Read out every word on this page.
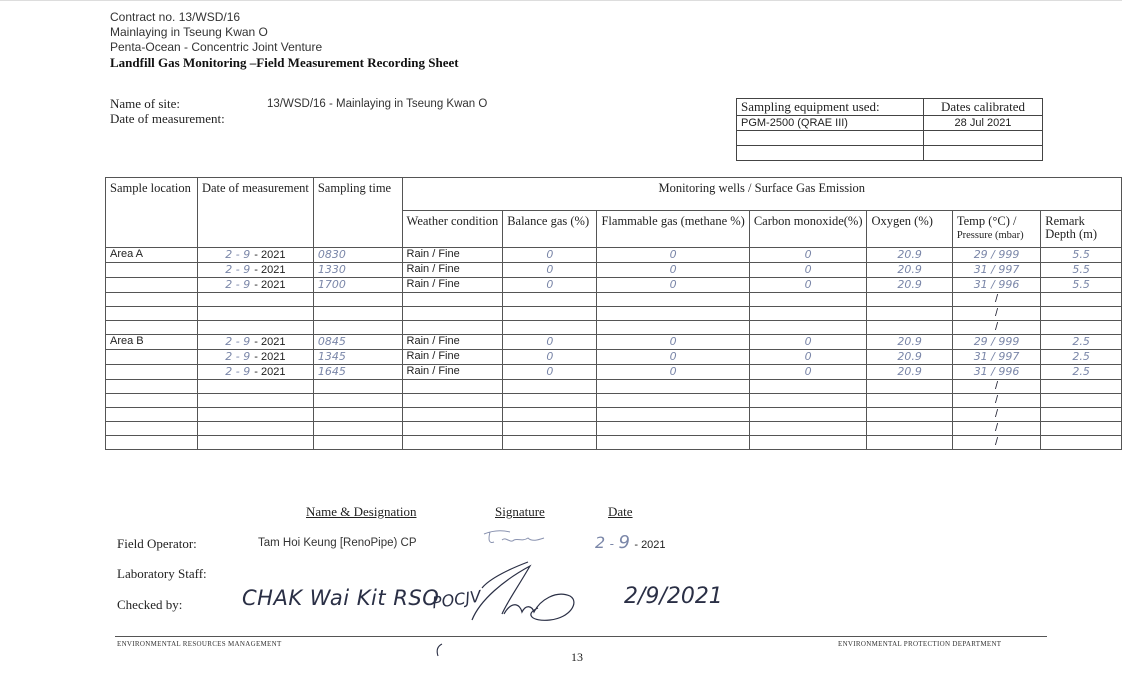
Contract no. 13/WSD/16
Mainlaying in Tseung Kwan O
Penta-Ocean - Concentric Joint Venture
Landfill Gas Monitoring –Field Measurement Recording Sheet
Name of site:	13/WSD/16 - Mainlaying in Tseung Kwan O
Date of measurement:
Sampling equipment used:	Dates calibrated
PGM-2500 (QRAE III)	28 Jul 2021

Sample location	Date of measurement	Sampling time	Monitoring wells / Surface Gas Emission						
			Weather condition	Balance gas (%)	Flammable gas (methane %)	Carbon monoxide(%)	Oxygen (%)	Temp (°C) /
Pressure (mbar)	Remark
Depth (m)
Area A	2 - 9 - 2021	0830	Rain / Fine	0	0	0	20.9	29 / 999	5.5
	2 - 9 - 2021	1330	Rain / Fine	0	0	0	20.9	31 / 997	5.5
	2 - 9 - 2021	1700	Rain / Fine	0	0	0	20.9	31 / 996	5.5
								/	
								/	
								/	
Area B	2 - 9 - 2021	0845	Rain / Fine	0	0	0	20.9	29 / 999	2.5
	2 - 9 - 2021	1345	Rain / Fine	0	0	0	20.9	31 / 997	2.5
	2 - 9 - 2021	1645	Rain / Fine	0	0	0	20.9	31 / 996	2.5
								/	
								/	
								/	
								/	
								/	
Name & Designation	Signature	Date
Field Operator:	Tam Hoi Keung [RenoPipe) CP	2 - 9 - 2021
Laboratory Staff:
Checked by:	CHAK Wai Kit RSO
POCJV	2/9/2021
ENVIRONMENTAL RESOURCES MANAGEMENT	ENVIRONMENTAL PROTECTION DEPARTMENT
13
